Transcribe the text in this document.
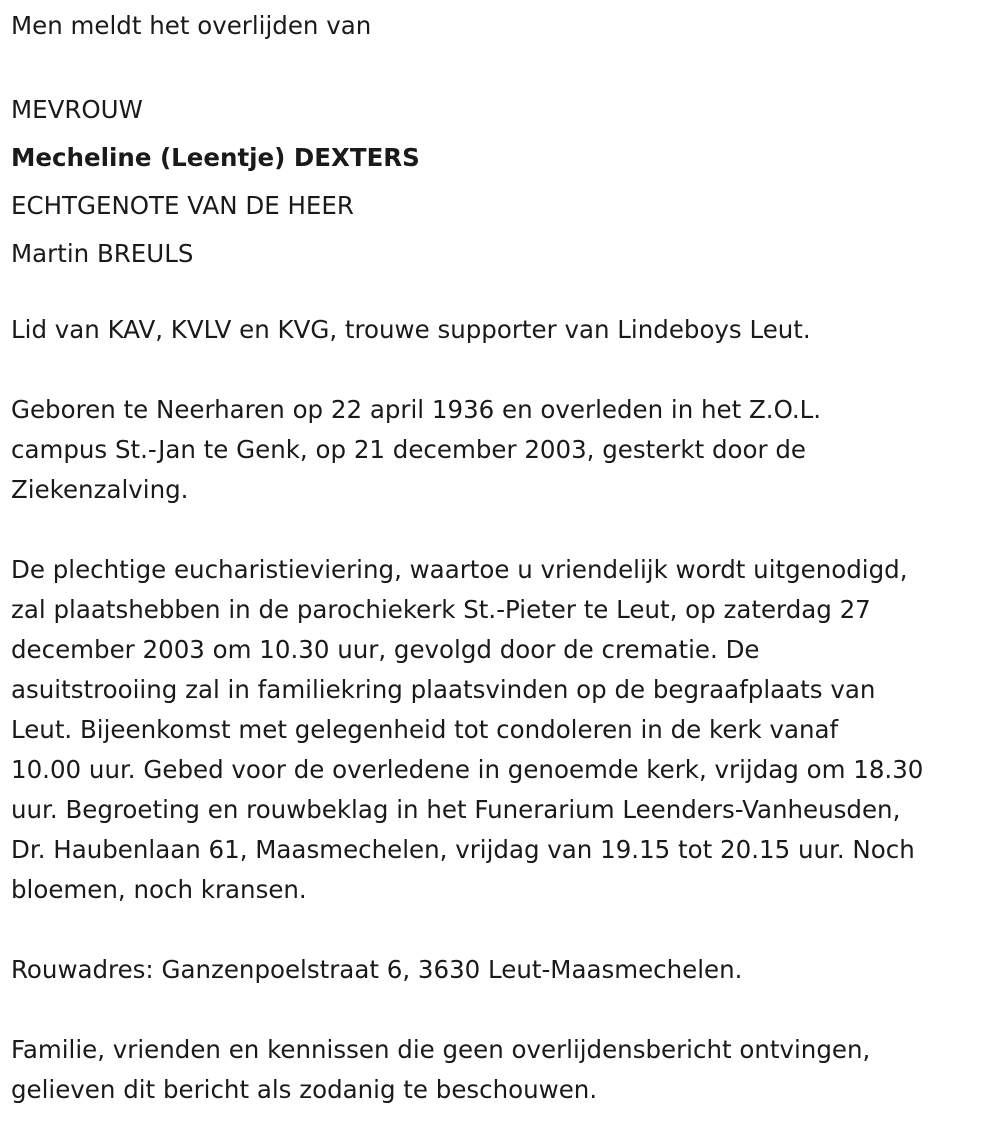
Men meldt het overlijden van

MEVROUW

Mecheline (Leentje) DEXTERS

ECHTGENOTE VAN DE HEER

Martin BREULS

Lid van KAV, KVLV en KVG, trouwe supporter van Lindeboys Leut.

Geboren te Neerharen op 22 april 1936 en overleden in het Z.O.L.

campus St.-Jan te Genk, op 21 december 2003, gesterkt door de

Ziekenzalving.

De plechtige eucharistieviering, waartoe u vriendelijk wordt uitgenodigd,

zal plaatshebben in de parochiekerk St.-Pieter te Leut, op zaterdag 27

december 2003 om 10.30 uur, gevolgd door de crematie. De

asuitstrooiing zal in familiekring plaatsvinden op de begraafplaats van

Leut. Bijeenkomst met gelegenheid tot condoleren in de kerk vanaf

10.00 uur. Gebed voor de overledene in genoemde kerk, vrijdag om 18.30

uur. Begroeting en rouwbeklag in het Funerarium Leenders-Vanheusden,

Dr. Haubenlaan 61, Maasmechelen, vrijdag van 19.15 tot 20.15 uur. Noch

bloemen, noch kransen.

Rouwadres: Ganzenpoelstraat 6, 3630 Leut-Maasmechelen.

Familie, vrienden en kennissen die geen overlijdensbericht ontvingen,

gelieven dit bericht als zodanig te beschouwen.
